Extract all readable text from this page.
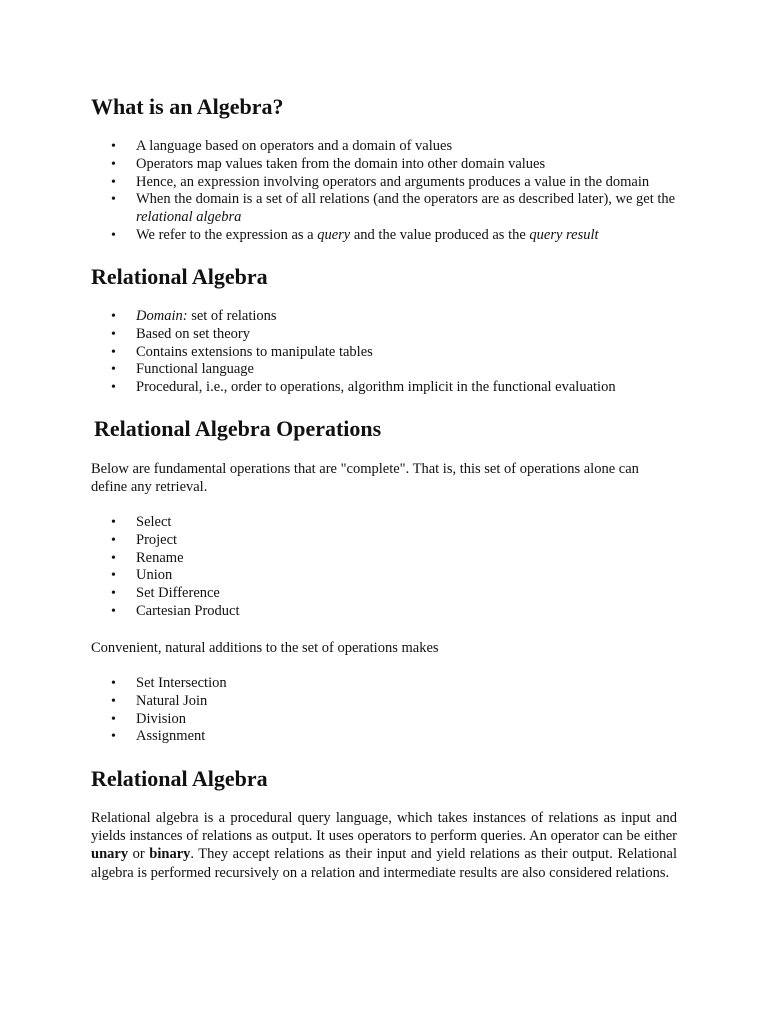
What is an Algebra?
• A language based on operators and a domain of values
• Operators map values taken from the domain into other domain values
• Hence, an expression involving operators and arguments produces a value in the domain
• When the domain is a set of all relations (and the operators are as described later), we get the relational algebra
• We refer to the expression as a query and the value produced as the query result
Relational Algebra
• Domain: set of relations
• Based on set theory
• Contains extensions to manipulate tables
• Functional language
• Procedural, i.e., order to operations, algorithm implicit in the functional evaluation
Relational Algebra Operations

Below are fundamental operations that are "complete". That is, this set of operations alone can define any retrieval.

• Select
• Project
• Rename
• Union
• Set Difference
• Cartesian Product

Convenient, natural additions to the set of operations makes

• Set Intersection
• Natural Join
• Division
• Assignment
Relational Algebra

Relational algebra is a procedural query language, which takes instances of relations as input and yields instances of relations as output. It uses operators to perform queries. An operator can be either unary or binary. They accept relations as their input and yield relations as their output. Relational algebra is performed recursively on a relation and intermediate results are also considered relations.
